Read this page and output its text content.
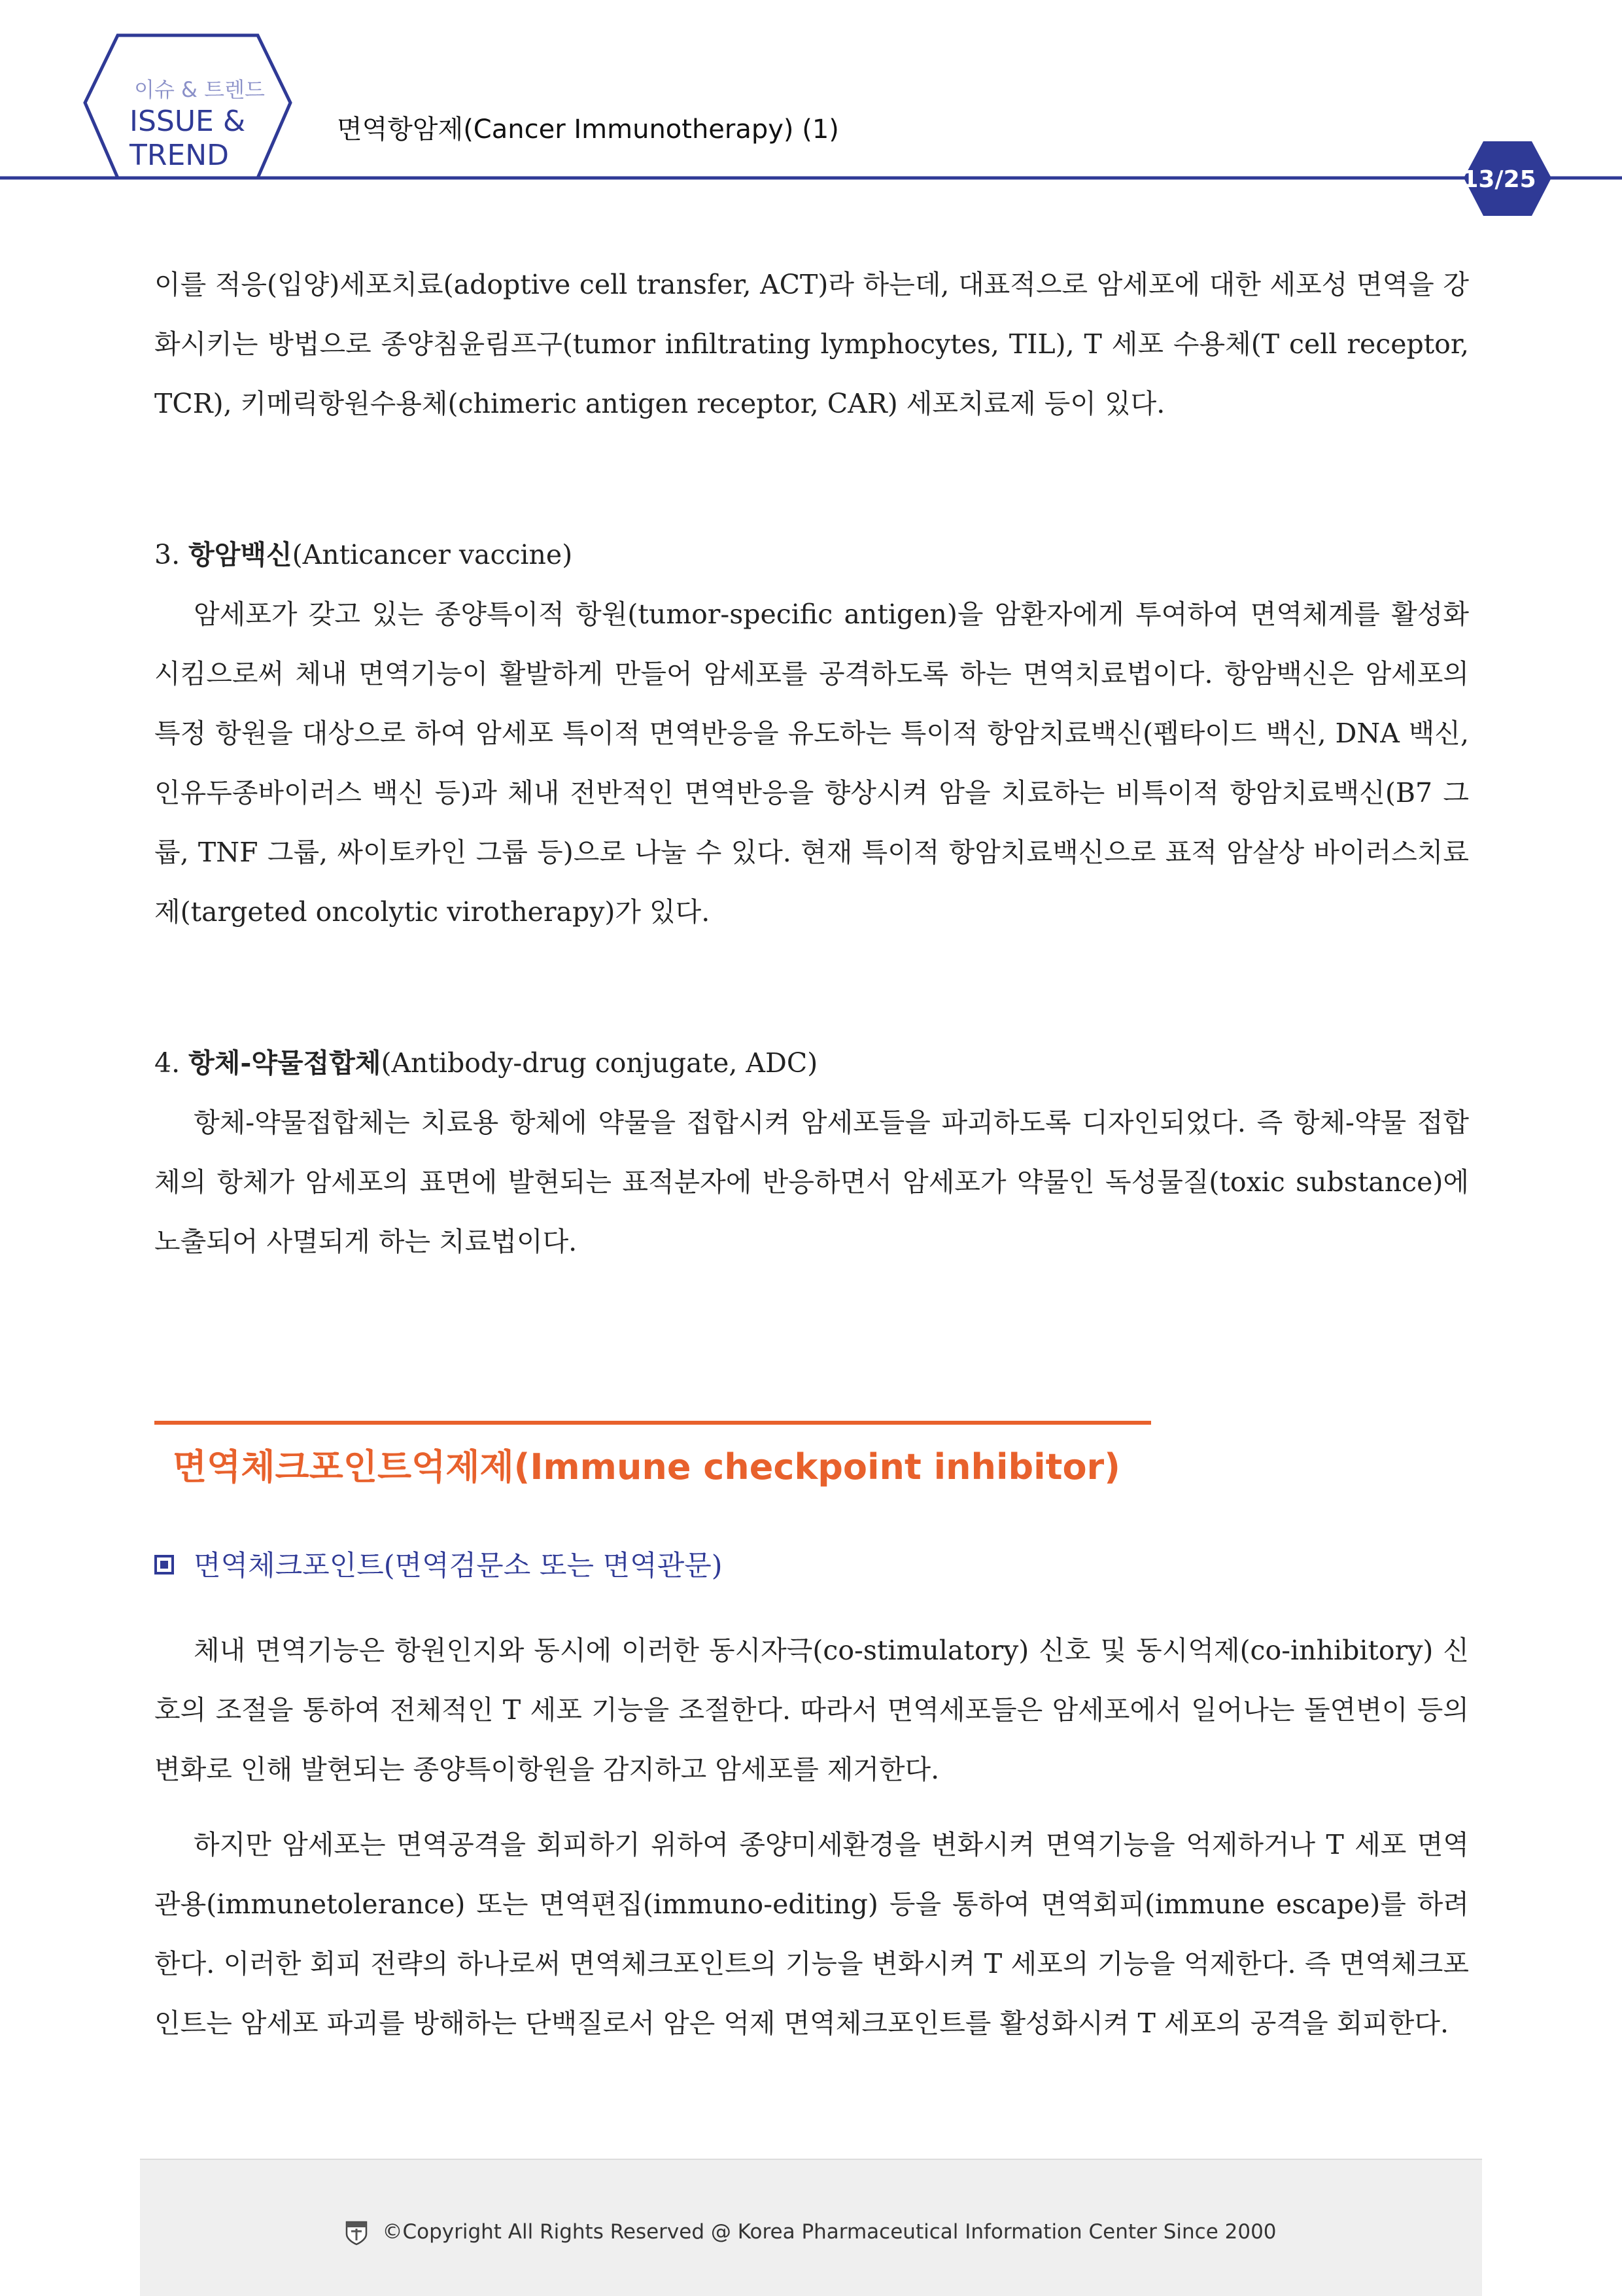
이슈 & 트렌드
ISSUE &
TREND
면역항암제(Cancer Immunotherapy) (1)
13/25

이를 적응(입양)세포치료(adoptive cell transfer, ACT)라 하는데, 대표적으로 암세포에 대한 세포성 면역을 강화시키는 방법으로 종양침윤림프구(tumor infiltrating lymphocytes, TIL), T 세포 수용체(T cell receptor, TCR), 키메릭항원수용체(chimeric antigen receptor, CAR) 세포치료제 등이 있다.

3. 항암백신(Anticancer vaccine)

암세포가 갖고 있는 종양특이적 항원(tumor-specific antigen)을 암환자에게 투여하여 면역체계를 활성화시킴으로써 체내 면역기능이 활발하게 만들어 암세포를 공격하도록 하는 면역치료법이다. 항암백신은 암세포의 특정 항원을 대상으로 하여 암세포 특이적 면역반응을 유도하는 특이적 항암치료백신(펩타이드 백신, DNA 백신, 인유두종바이러스 백신 등)과 체내 전반적인 면역반응을 향상시켜 암을 치료하는 비특이적 항암치료백신(B7 그룹, TNF 그룹, 싸이토카인 그룹 등)으로 나눌 수 있다. 현재 특이적 항암치료백신으로 표적 암살상 바이러스치료제(targeted oncolytic virotherapy)가 있다.

4. 항체-약물접합체(Antibody-drug conjugate, ADC)

항체-약물접합체는 치료용 항체에 약물을 접합시켜 암세포들을 파괴하도록 디자인되었다. 즉 항체-약물 접합체의 항체가 암세포의 표면에 발현되는 표적분자에 반응하면서 암세포가 약물인 독성물질(toxic substance)에 노출되어 사멸되게 하는 치료법이다.

면역체크포인트억제제(Immune checkpoint inhibitor)
면역체크포인트(면역검문소 또는 면역관문)

체내 면역기능은 항원인지와 동시에 이러한 동시자극(co-stimulatory) 신호 및 동시억제(co-inhibitory) 신호의 조절을 통하여 전체적인 T 세포 기능을 조절한다. 따라서 면역세포들은 암세포에서 일어나는 돌연변이 등의 변화로 인해 발현되는 종양특이항원을 감지하고 암세포를 제거한다.

하지만 암세포는 면역공격을 회피하기 위하여 종양미세환경을 변화시켜 면역기능을 억제하거나 T 세포 면역관용(immunetolerance) 또는 면역편집(immuno-editing) 등을 통하여 면역회피(immune escape)를 하려 한다. 이러한 회피 전략의 하나로써 면역체크포인트의 기능을 변화시켜 T 세포의 기능을 억제한다. 즉 면역체크포인트는 암세포 파괴를 방해하는 단백질로서 암은 억제 면역체크포인트를 활성화시켜 T 세포의 공격을 회피한다.

©Copyright All Rights Reserved @ Korea Pharmaceutical Information Center Since 2000
